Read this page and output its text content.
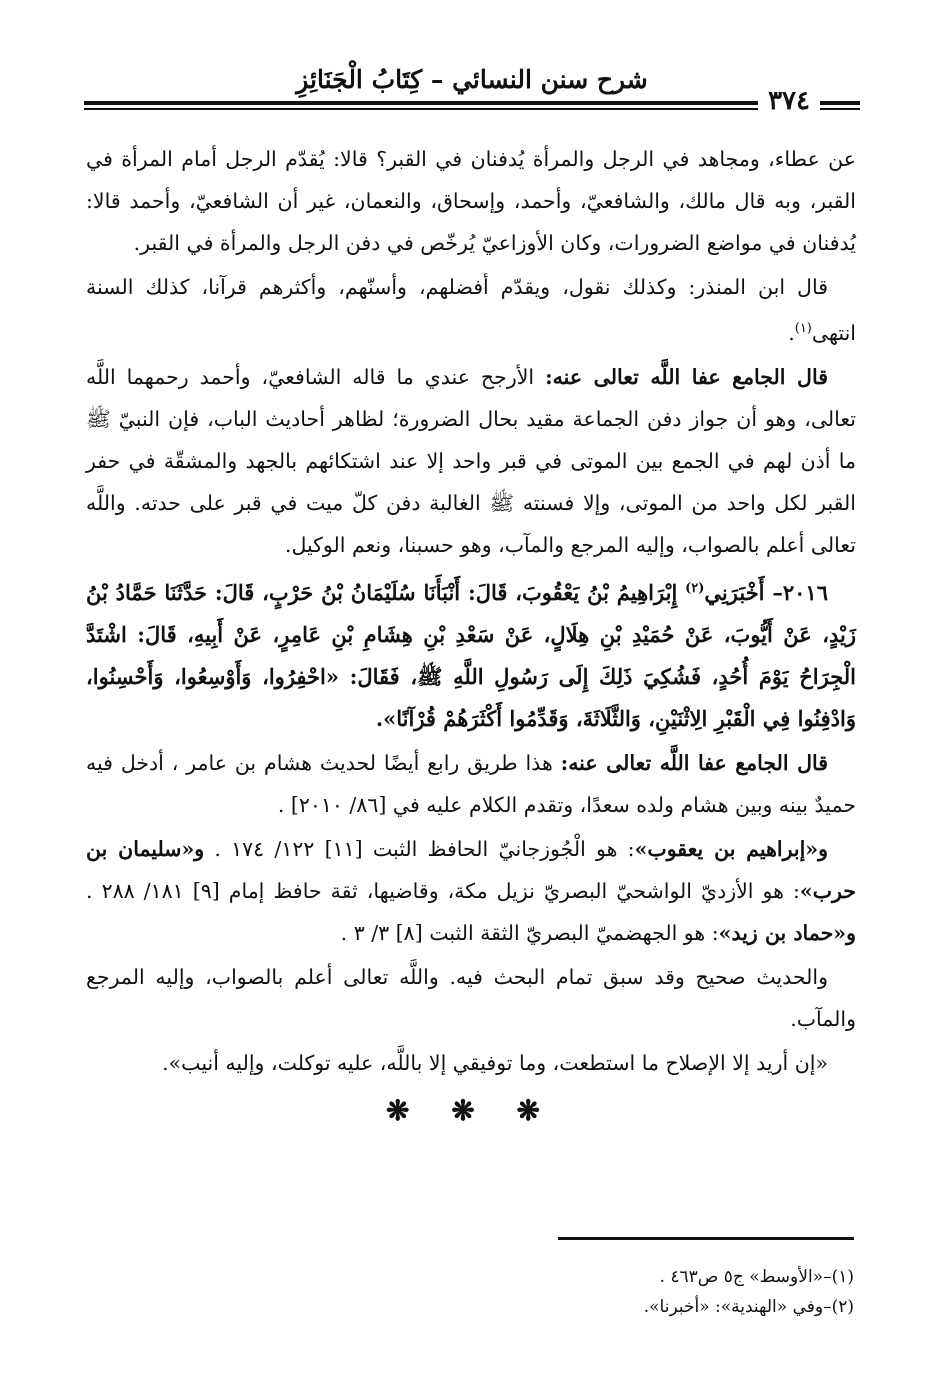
شرح سنن النسائي – كِتَابُ الْجَنَائِزِ
٣٧٤

عن عطاء، ومجاهد في الرجل والمرأة يُدفنان في القبر؟ قالا: يُقدّم الرجل أمام المرأة في القبر، وبه قال مالك، والشافعيّ، وأحمد، وإسحاق، والنعمان، غير أن الشافعيّ، وأحمد قالا: يُدفنان في مواضع الضرورات، وكان الأوزاعيّ يُرخّص في دفن الرجل والمرأة في القبر.

قال ابن المنذر: وكذلك نقول، ويقدّم أفضلهم، وأسنّهم، وأكثرهم قرآنا، كذلك السنة انتهى$^{(١)}$.

قال الجامع عفا اللَّه تعالى عنه: الأرجح عندي ما قاله الشافعيّ، وأحمد رحمهما اللَّه تعالى، وهو أن جواز دفن الجماعة مقيد بحال الضرورة؛ لظاهر أحاديث الباب، فإن النبيّ ﷺ ما أذن لهم في الجمع بين الموتى في قبر واحد إلا عند اشتكائهم بالجهد والمشقّة في حفر القبر لكل واحد من الموتى، وإلا فسنته ﷺ الغالبة دفن كلّ ميت في قبر على حدته. واللَّه تعالى أعلم بالصواب، وإليه المرجع والمآب، وهو حسبنا، ونعم الوكيل.

٢٠١٦– أَخْبَرَنِي$^{(٢)}$ إِبْرَاهِيمُ بْنُ يَعْقُوبَ، قَالَ: أَنْبَأَنَا سُلَيْمَانُ بْنُ حَرْبٍ، قَالَ: حَدَّثَنَا حَمَّادُ بْنُ زَيْدٍ، عَنْ أَيُّوبَ، عَنْ حُمَيْدِ بْنِ هِلَالٍ، عَنْ سَعْدِ بْنِ هِشَامِ بْنِ عَامِرٍ، عَنْ أَبِيهِ، قَالَ: اشْتَدَّ الْجِرَاحُ يَوْمَ أُحُدٍ، فَشُكِيَ ذَلِكَ إِلَى رَسُولِ اللَّهِ ﷺ، فَقَالَ: «احْفِرُوا، وَأَوْسِعُوا، وَأَحْسِنُوا، وَادْفِنُوا فِي الْقَبْرِ الِاثْنَيْنِ، وَالثَّلَاثَةَ، وَقَدِّمُوا أَكْثَرَهُمْ قُرْآنًا».

قال الجامع عفا اللَّه تعالى عنه: هذا طريق رابع أيضًا لحديث هشام بن عامر ، أدخل فيه حميدٌ بينه وبين هشام ولده سعدًا، وتقدم الكلام عليه في [٨٦/ ٢٠١٠] .

و«إبراهيم بن يعقوب»: هو الْجُوزجانيّ الحافظ الثبت [١١] ١٢٢/ ١٧٤ . و«سليمان بن حرب»: هو الأزديّ الواشحيّ البصريّ نزيل مكة، وقاضيها، ثقة حافظ إمام [٩] ١٨١/ ٢٨٨ . و«حماد بن زيد»: هو الجهضميّ البصريّ الثقة الثبت [٨] ٣/ ٣ .

والحديث صحيح وقد سبق تمام البحث فيه. واللَّه تعالى أعلم بالصواب، وإليه المرجع والمآب.

«إن أريد إلا الإصلاح ما استطعت، وما توفيقي إلا باللَّه، عليه توكلت، وإليه أنيب».

❋ ❋ ❋
(١)–«الأوسط» ج٥ ص٤٦٣ .
(٢)–وفي «الهندية»: «أخبرنا».
